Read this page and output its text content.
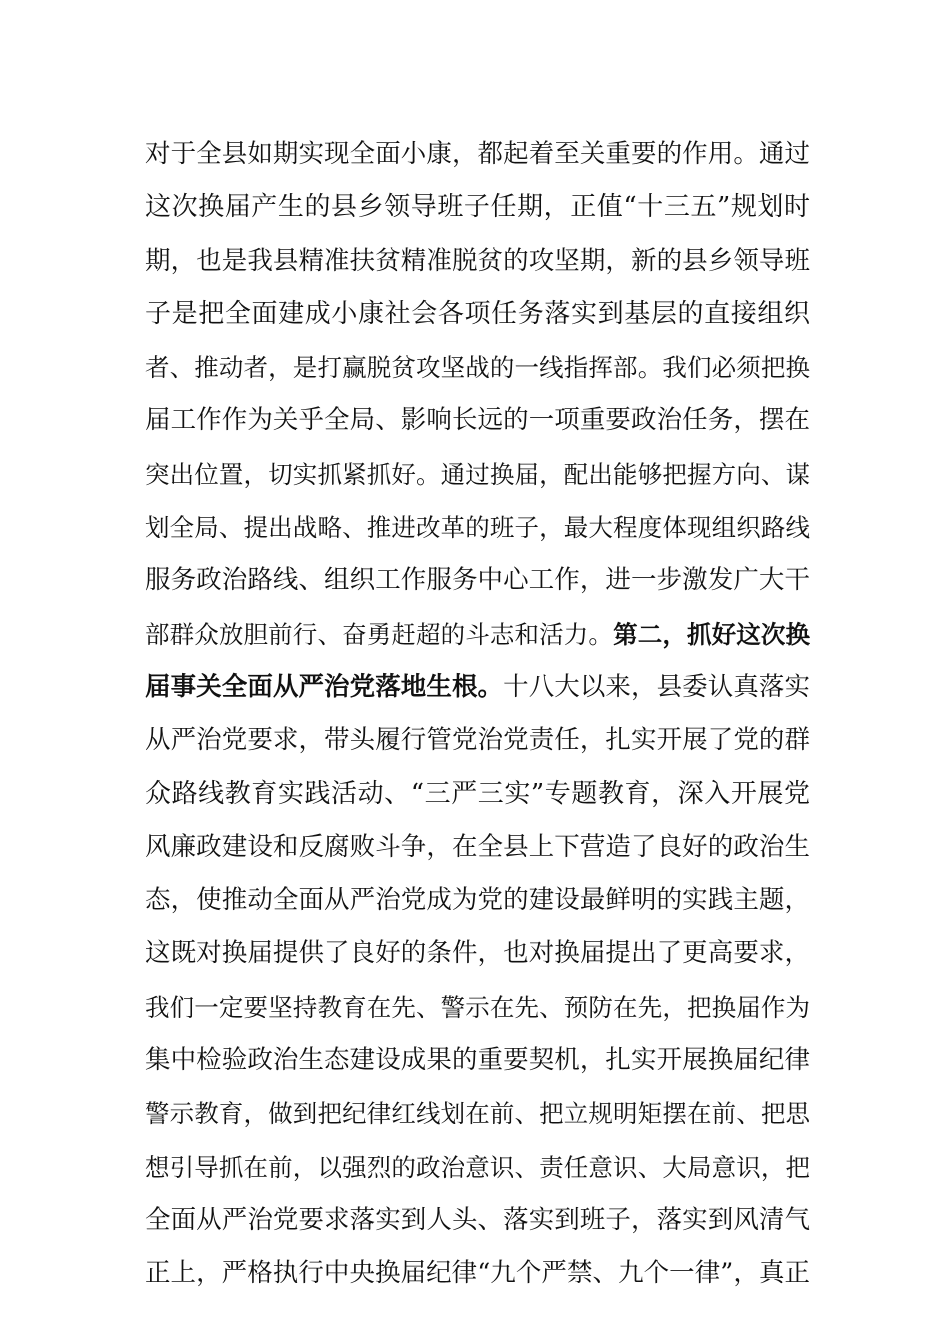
对于全县如期实现全面小康，都起着至关重要的作用。通过
这次换届产生的县乡领导班子任期，正值“十三五”规划时
期，也是我县精准扶贫精准脱贫的攻坚期，新的县乡领导班
子是把全面建成小康社会各项任务落实到基层的直接组织
者、推动者，是打赢脱贫攻坚战的一线指挥部。我们必须把换
届工作作为关乎全局、影响长远的一项重要政治任务，摆在
突出位置，切实抓紧抓好。通过换届，配出能够把握方向、谋
划全局、提出战略、推进改革的班子，最大程度体现组织路线
服务政治路线、组织工作服务中心工作，进一步激发广大干
部群众放胆前行、奋勇赶超的斗志和活力。第二，抓好这次换
届事关全面从严治党落地生根。十八大以来，县委认真落实
从严治党要求，带头履行管党治党责任，扎实开展了党的群
众路线教育实践活动、“三严三实”专题教育，深入开展党
风廉政建设和反腐败斗争，在全县上下营造了良好的政治生
态，使推动全面从严治党成为党的建设最鲜明的实践主题，
这既对换届提供了良好的条件，也对换届提出了更高要求，
我们一定要坚持教育在先、警示在先、预防在先，把换届作为
集中检验政治生态建设成果的重要契机，扎实开展换届纪律
警示教育，做到把纪律红线划在前、把立规明矩摆在前、把思
想引导抓在前，以强烈的政治意识、责任意识、大局意识，把
全面从严治党要求落实到人头、落实到班子，落实到风清气
正上，严格执行中央换届纪律“九个严禁、九个一律”，真正
